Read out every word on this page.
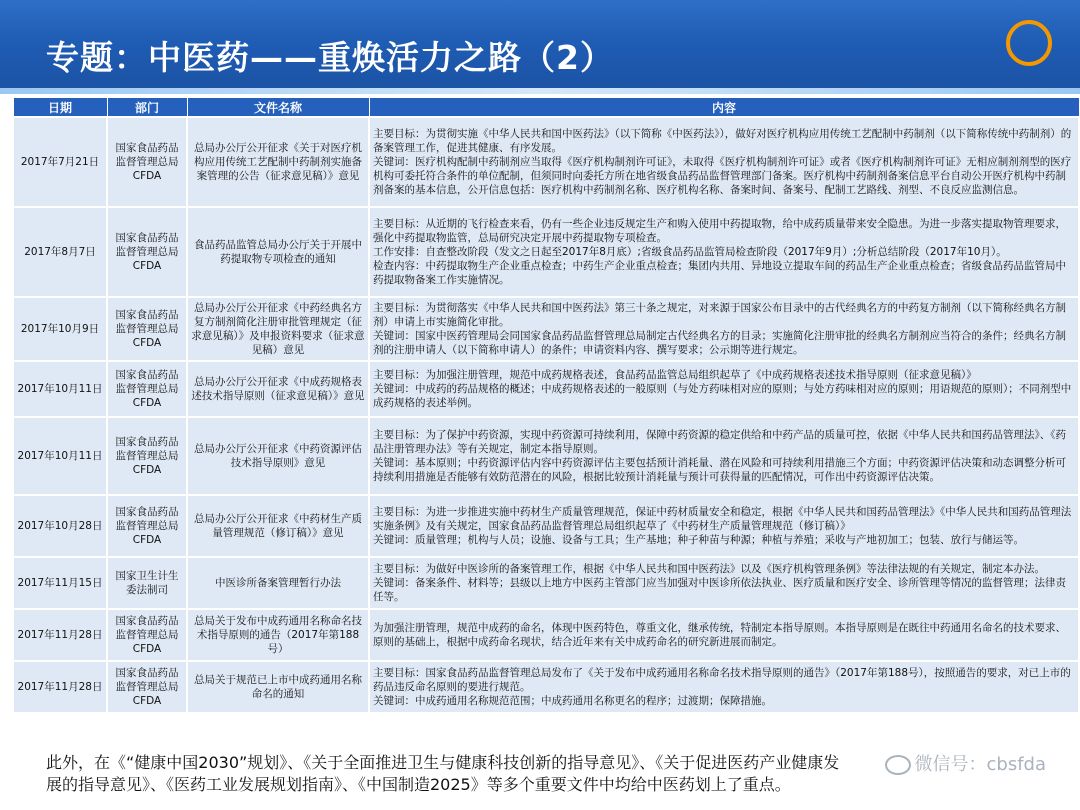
专题：中医药——重焕活力之路（2）
日期	部门	文件名称	内容
2017年7月21日	国家食品药品监督管理总局CFDA	总局办公厅公开征求《关于对医疗机构应用传统工艺配制中药制剂实施备案管理的公告（征求意见稿）》意见	主要目标：为贯彻实施《中华人民共和国中医药法》（以下简称《中医药法》），做好对医疗机构应用传统工艺配制中药制剂（以下简称传统中药制剂）的备案管理工作，促进其健康、有序发展。
关键词：医疗机构配制中药制剂应当取得《医疗机构制剂许可证》，未取得《医疗机构制剂许可证》或者《医疗机构制剂许可证》无相应制剂剂型的医疗机构可委托符合条件的单位配制，但须同时向委托方所在地省级食品药品监督管理部门备案。医疗机构中药制剂备案信息平台自动公开医疗机构中药制剂备案的基本信息，公开信息包括：医疗机构中药制剂名称、医疗机构名称、备案时间、备案号、配制工艺路线、剂型、不良反应监测信息。

2017年8月7日	国家食品药品监督管理总局CFDA	食品药品监管总局办公厅关于开展中药提取物专项检查的通知	主要目标：从近期的飞行检查来看，仍有一些企业违反规定生产和购入使用中药提取物，给中成药质量带来安全隐患。为进一步落实提取物管理要求，强化中药提取物监管，总局研究决定开展中药提取物专项检查。
工作安排：自查整改阶段（发文之日起至2017年8月底）;省级食品药品监管局检查阶段（2017年9月）;分析总结阶段（2017年10月）。
检查内容：中药提取物生产企业重点检查；中药生产企业重点检查；集团内共用、异地设立提取车间的药品生产企业重点检查；省级食品药品监管局中药提取物备案工作实施情况。

2017年10月9日	国家食品药品监督管理总局CFDA	总局办公厅公开征求《中药经典名方复方制剂简化注册审批管理规定（征求意见稿）》及申报资料要求（征求意见稿）意见	主要目标：为贯彻落实《中华人民共和国中医药法》第三十条之规定，对来源于国家公布目录中的古代经典名方的中药复方制剂（以下简称经典名方制剂）申请上市实施简化审批。
关键词：国家中医药管理局会同国家食品药品监督管理总局制定古代经典名方的目录；实施简化注册审批的经典名方制剂应当符合的条件；经典名方制剂的注册申请人（以下简称申请人）的条件；申请资料内容、撰写要求；公示期等进行规定。

2017年10月11日	国家食品药品监督管理总局CFDA	总局办公厅公开征求《中成药规格表述技术指导原则（征求意见稿）》意见	主要目标：为加强注册管理，规范中成药规格表述，食品药品监管总局组织起草了《中成药规格表述技术指导原则（征求意见稿）》
关键词：中成药的药品规格的概述；中成药规格表述的一般原则（与处方药味相对应的原则；与处方药味相对应的原则；用语规范的原则）；不同剂型中成药规格的表述举例。

2017年10月11日	国家食品药品监督管理总局CFDA	总局办公厅公开征求《中药资源评估技术指导原则》意见	主要目标：为了保护中药资源，实现中药资源可持续利用，保障中药资源的稳定供给和中药产品的质量可控，依据《中华人民共和国药品管理法》、《药品注册管理办法》等有关规定，制定本指导原则。
关键词：基本原则；中药资源评估内容中药资源评估主要包括预计消耗量、潜在风险和可持续利用措施三个方面；中药资源评估决策和动态调整分析可持续利用措施是否能够有效防范潜在的风险，根据比较预计消耗量与预计可获得量的匹配情况，可作出中药资源评估决策。

2017年10月28日	国家食品药品监督管理总局CFDA	总局办公厅公开征求《中药材生产质量管理规范（修订稿）》意见	主要目标：为进一步推进实施中药材生产质量管理规范，保证中药材质量安全和稳定，根据《中华人民共和国药品管理法》《中华人民共和国药品管理法实施条例》及有关规定，国家食品药品监督管理总局组织起草了《中药材生产质量管理规范（修订稿）》
关键词：质量管理；机构与人员；设施、设备与工具；生产基地；种子种苗与种源；种植与养殖；采收与产地初加工；包装、放行与储运等。

2017年11月15日	国家卫生计生委法制司	中医诊所备案管理暂行办法	主要目标：为做好中医诊所的备案管理工作，根据《中华人民共和国中医药法》以及《医疗机构管理条例》等法律法规的有关规定，制定本办法。
关键词：备案条件、材料等；县级以上地方中医药主管部门应当加强对中医诊所依法执业、医疗质量和医疗安全、诊所管理等情况的监督管理；法律责任等。

2017年11月28日	国家食品药品监督管理总局CFDA	总局关于发布中成药通用名称命名技术指导原则的通告（2017年第188号）	为加强注册管理，规范中成药的命名，体现中医药特色，尊重文化，继承传统，特制定本指导原则。本指导原则是在既往中药通用名命名的技术要求、原则的基础上，根据中成药命名现状，结合近年来有关中成药命名的研究新进展而制定。

2017年11月28日	国家食品药品监督管理总局CFDA	总局关于规范已上市中成药通用名称命名的通知	主要目标：国家食品药品监督管理总局发布了《关于发布中成药通用名称命名技术指导原则的通告》（2017年第188号），按照通告的要求，对已上市的药品违反命名原则的要进行规范。
关键词：中成药通用名称规范范围；中成药通用名称更名的程序；过渡期；保障措施。
此外，在《“健康中国2030”规划》、《关于全面推进卫生与健康科技创新的指导意见》、《关于促进医药产业健康发
展的指导意见》、《医药工业发展规划指南》、《中国制造2025》等多个重要文件中均给中医药划上了重点。
微信号：cbsfda
